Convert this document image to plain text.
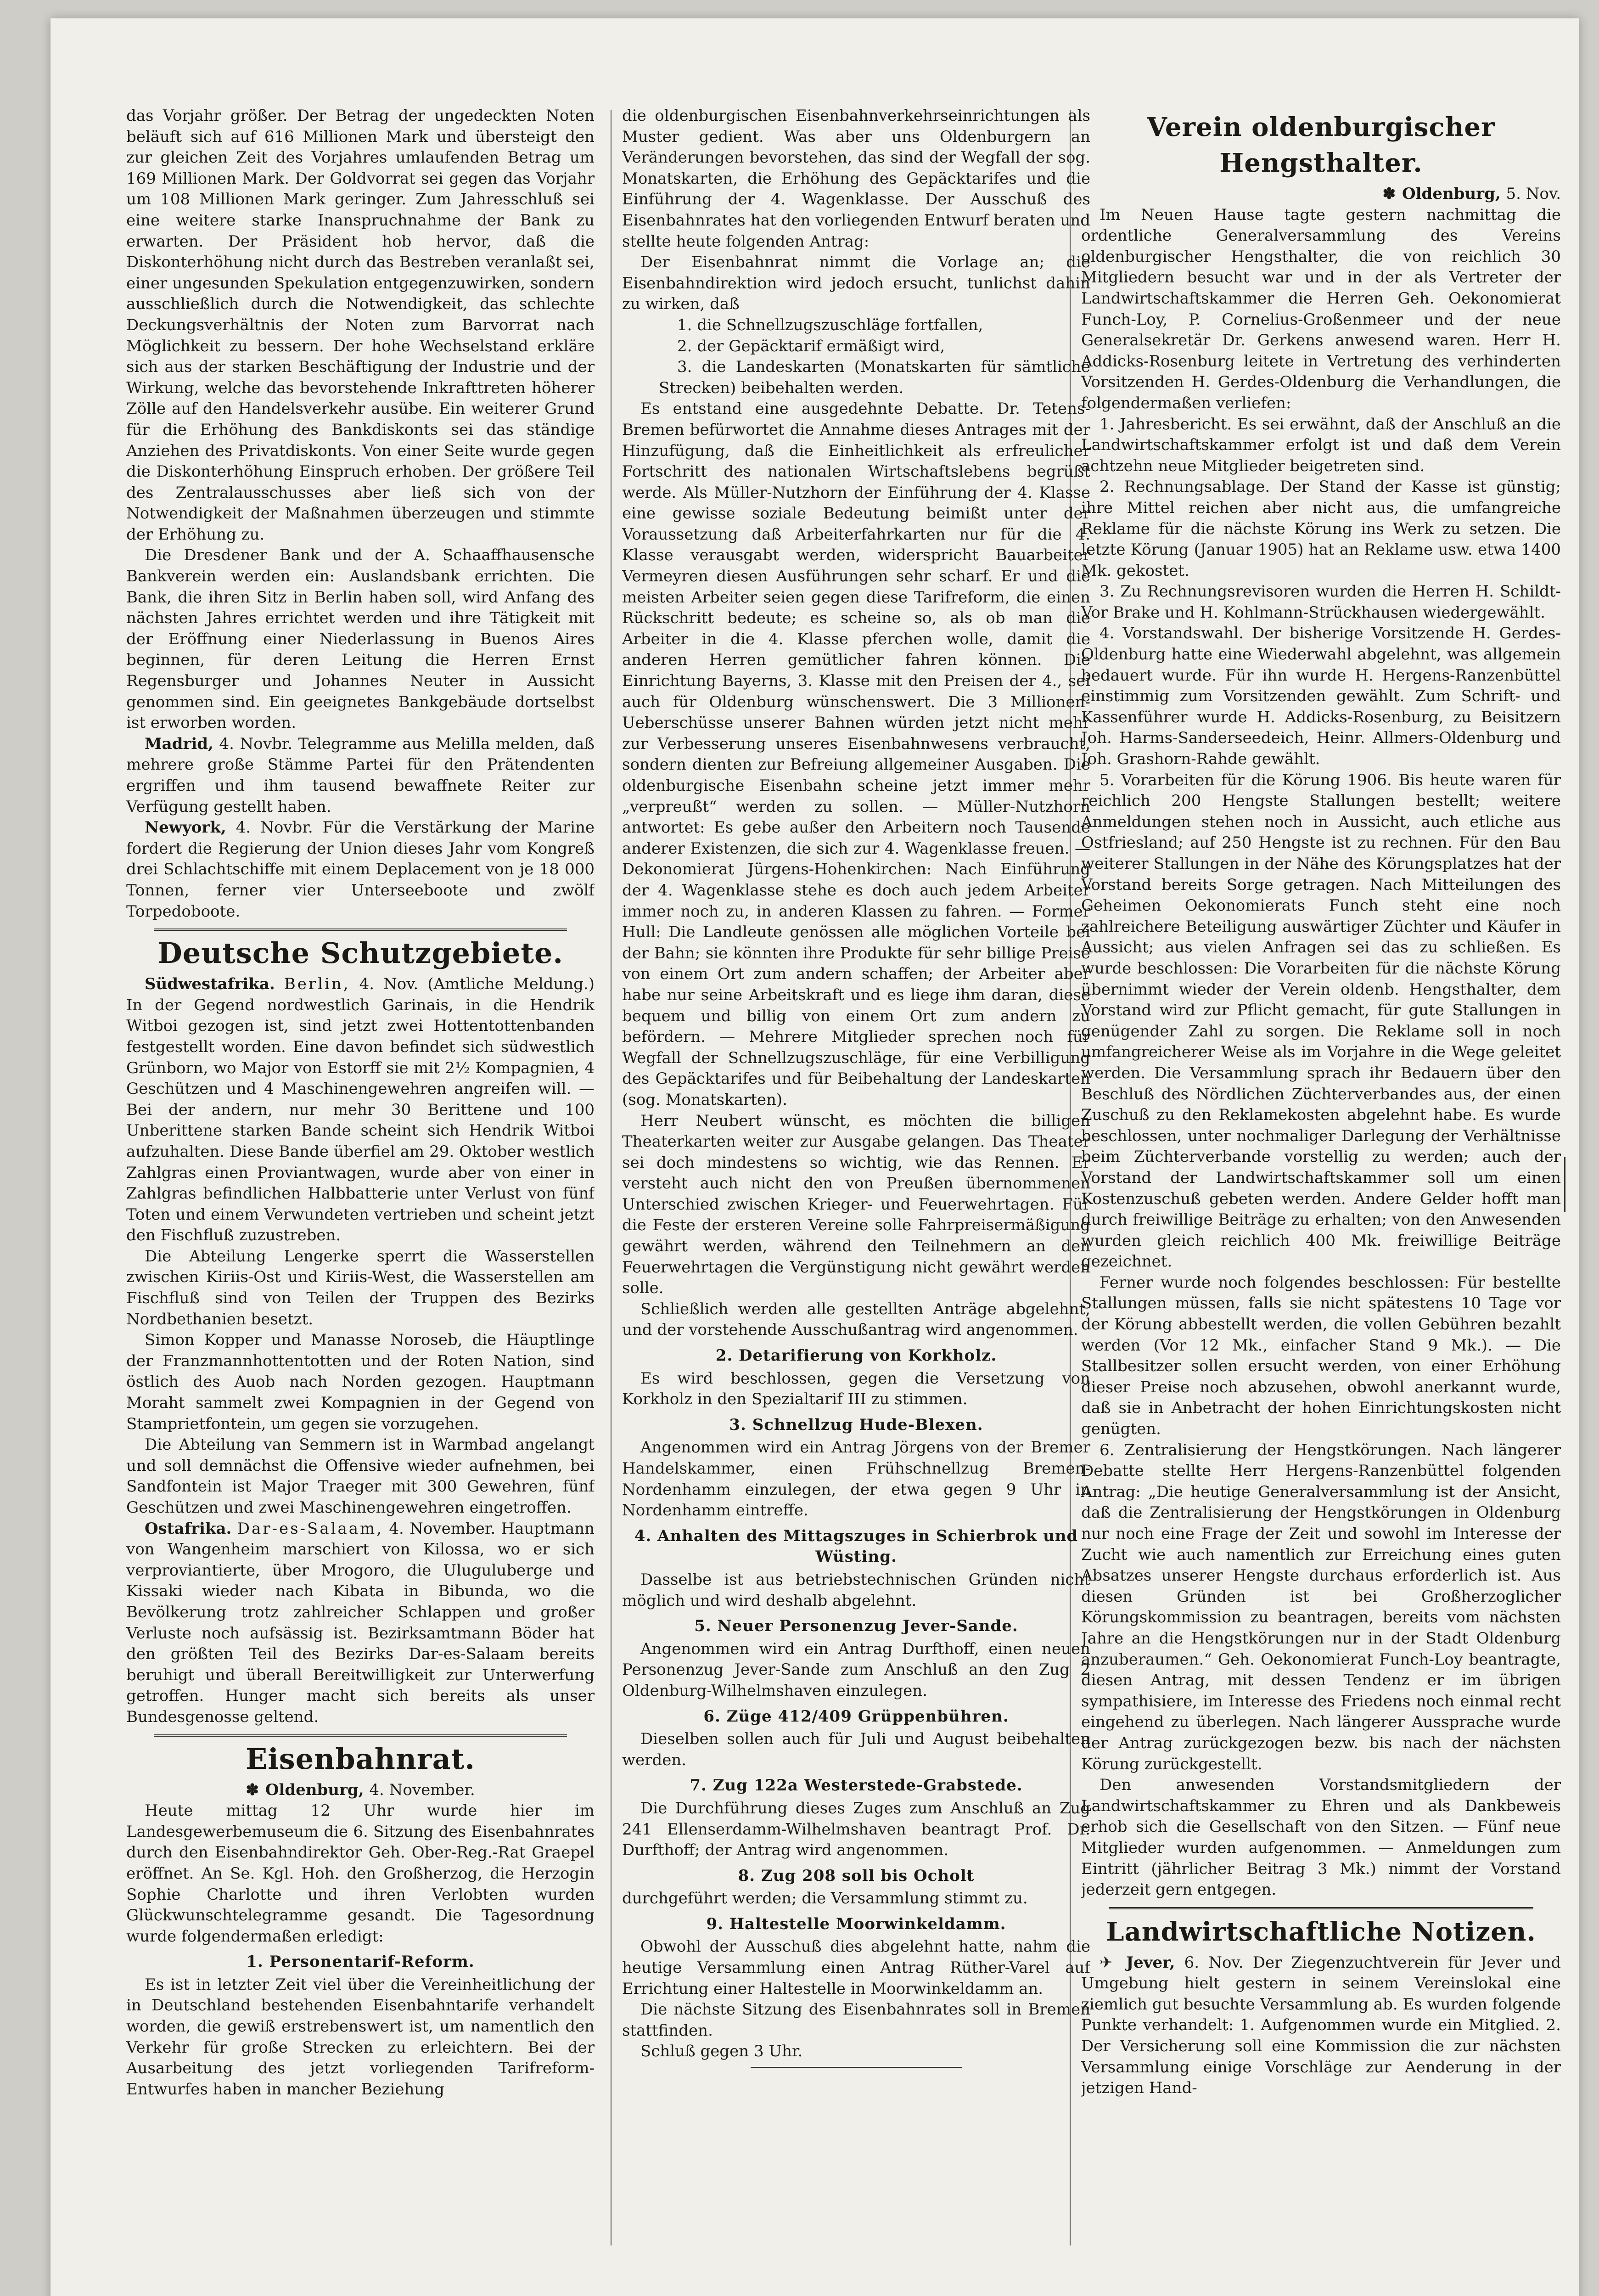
das Vorjahr größer. Der Betrag der ungedeckten Noten beläuft sich auf 616 Millionen Mark und übersteigt den zur gleichen Zeit des Vorjahres umlaufenden Betrag um 169 Millionen Mark. Der Goldvorrat sei gegen das Vorjahr um 108 Millionen Mark geringer. Zum Jahresschluß sei eine weitere starke Inanspruchnahme der Bank zu erwarten. Der Präsident hob hervor, daß die Diskonterhöhung nicht durch das Bestreben veranlaßt sei, einer ungesunden Spekulation entgegenzuwirken, sondern ausschließlich durch die Notwendigkeit, das schlechte Deckungsverhältnis der Noten zum Barvorrat nach Möglichkeit zu bessern. Der hohe Wechselstand erkläre sich aus der starken Beschäftigung der Industrie und der Wirkung, welche das bevorstehende Inkrafttreten höherer Zölle auf den Handelsverkehr ausübe. Ein weiterer Grund für die Erhöhung des Bankdiskonts sei das ständige Anziehen des Privatdiskonts. Von einer Seite wurde gegen die Diskonterhöhung Einspruch erhoben. Der größere Teil des Zentralausschusses aber ließ sich von der Notwendigkeit der Maßnahmen überzeugen und stimmte der Erhöhung zu.

Die Dresdener Bank und der A. Schaaffhausensche Bankverein werden ein: Auslandsbank errichten. Die Bank, die ihren Sitz in Berlin haben soll, wird Anfang des nächsten Jahres errichtet werden und ihre Tätigkeit mit der Eröffnung einer Niederlassung in Buenos Aires beginnen, für deren Leitung die Herren Ernst Regensburger und Johannes Neuter in Aussicht genommen sind. Ein geeignetes Bankgebäude dortselbst ist erworben worden.

Madrid, 4. Novbr. Telegramme aus Melilla melden, daß mehrere große Stämme Partei für den Prätendenten ergriffen und ihm tausend bewaffnete Reiter zur Verfügung gestellt haben.

Newyork, 4. Novbr. Für die Verstärkung der Marine fordert die Regierung der Union dieses Jahr vom Kongreß drei Schlachtschiffe mit einem Deplacement von je 18 000 Tonnen, ferner vier Unterseeboote und zwölf Torpedoboote.

Deutsche Schutzgebiete.

Südwestafrika. Berlin, 4. Nov. (Amtliche Meldung.) In der Gegend nordwestlich Garinais, in die Hendrik Witboi gezogen ist, sind jetzt zwei Hottentottenbanden festgestellt worden. Eine davon befindet sich südwestlich Grünborn, wo Major von Estorff sie mit 2½ Kompagnien, 4 Geschützen und 4 Maschinengewehren angreifen will. — Bei der andern, nur mehr 30 Berittene und 100 Unberittene starken Bande scheint sich Hendrik Witboi aufzuhalten. Diese Bande überfiel am 29. Oktober westlich Zahlgras einen Proviantwagen, wurde aber von einer in Zahlgras befindlichen Halbbatterie unter Verlust von fünf Toten und einem Verwundeten vertrieben und scheint jetzt den Fischfluß zuzustreben.

Die Abteilung Lengerke sperrt die Wasserstellen zwischen Kiriis-Ost und Kiriis-West, die Wasserstellen am Fischfluß sind von Teilen der Truppen des Bezirks Nordbethanien besetzt.

Simon Kopper und Manasse Noroseb, die Häuptlinge der Franzmannhottentotten und der Roten Nation, sind östlich des Auob nach Norden gezogen. Hauptmann Moraht sammelt zwei Kompagnien in der Gegend von Stamprietfontein, um gegen sie vorzugehen.

Die Abteilung van Semmern ist in Warmbad angelangt und soll demnächst die Offensive wieder aufnehmen, bei Sandfontein ist Major Traeger mit 300 Gewehren, fünf Geschützen und zwei Maschinengewehren eingetroffen.

Ostafrika. Dar-es-Salaam, 4. November. Hauptmann von Wangenheim marschiert von Kilossa, wo er sich verproviantierte, über Mrogoro, die Uluguluberge und Kissaki wieder nach Kibata in Bibunda, wo die Bevölkerung trotz zahlreicher Schlappen und großer Verluste noch aufsässig ist. Bezirksamtmann Böder hat den größten Teil des Bezirks Dar-es-Salaam bereits beruhigt und überall Bereitwilligkeit zur Unterwerfung getroffen. Hunger macht sich bereits als unser Bundesgenosse geltend.

Eisenbahnrat.
✽ Oldenburg, 4. November.

Heute mittag 12 Uhr wurde hier im Landesgewerbemuseum die 6. Sitzung des Eisenbahnrates durch den Eisenbahndirektor Geh. Ober-Reg.-Rat Graepel eröffnet. An Se. Kgl. Hoh. den Großherzog, die Herzogin Sophie Charlotte und ihren Verlobten wurden Glückwunschtelegramme gesandt. Die Tagesordnung wurde folgendermaßen erledigt:

1. Personentarif-Reform.

Es ist in letzter Zeit viel über die Vereinheitlichung der in Deutschland bestehenden Eisenbahntarife verhandelt worden, die gewiß erstrebenswert ist, um namentlich den Verkehr für große Strecken zu erleichtern. Bei der Ausarbeitung des jetzt vorliegenden Tarifreform-Entwurfes haben in mancher Beziehung

die oldenburgischen Eisenbahnverkehrseinrichtungen als Muster gedient. Was aber uns Oldenburgern an Veränderungen bevorstehen, das sind der Wegfall der sog. Monatskarten, die Erhöhung des Gepäcktarifes und die Einführung der 4. Wagenklasse. Der Ausschuß des Eisenbahnrates hat den vorliegenden Entwurf beraten und stellte heute folgenden Antrag:

Der Eisenbahnrat nimmt die Vorlage an; die Eisenbahndirektion wird jedoch ersucht, tunlichst dahin zu wirken, daß

1. die Schnellzugszuschläge fortfallen,

2. der Gepäcktarif ermäßigt wird,

3. die Landeskarten (Monatskarten für sämtliche Strecken) beibehalten werden.

Es entstand eine ausgedehnte Debatte. Dr. Tetens-Bremen befürwortet die Annahme dieses Antrages mit der Hinzufügung, daß die Einheitlichkeit als erfreulicher Fortschritt des nationalen Wirtschaftslebens begrüßt werde. Als Müller-Nutzhorn der Einführung der 4. Klasse eine gewisse soziale Bedeutung beimißt unter der Voraussetzung daß Arbeiterfahrkarten nur für die 4. Klasse verausgabt werden, widerspricht Bauarbeiter Vermeyren diesen Ausführungen sehr scharf. Er und die meisten Arbeiter seien gegen diese Tarifreform, die einen Rückschritt bedeute; es scheine so, als ob man die Arbeiter in die 4. Klasse pferchen wolle, damit die anderen Herren gemütlicher fahren können. Die Einrichtung Bayerns, 3. Klasse mit den Preisen der 4., sei auch für Oldenburg wünschenswert. Die 3 Millionen-Ueberschüsse unserer Bahnen würden jetzt nicht mehr zur Verbesserung unseres Eisenbahnwesens verbraucht, sondern dienten zur Befreiung allgemeiner Ausgaben. Die oldenburgische Eisenbahn scheine jetzt immer mehr „verpreußt“ werden zu sollen. — Müller-Nutzhorn antwortet: Es gebe außer den Arbeitern noch Tausende anderer Existenzen, die sich zur 4. Wagenklasse freuen. — Dekonomierat Jürgens-Hohenkirchen: Nach Einführung der 4. Wagenklasse stehe es doch auch jedem Arbeiter immer noch zu, in anderen Klassen zu fahren. — Former Hull: Die Landleute genössen alle möglichen Vorteile bei der Bahn; sie könnten ihre Produkte für sehr billige Preise von einem Ort zum andern schaffen; der Arbeiter aber habe nur seine Arbeitskraft und es liege ihm daran, diese bequem und billig von einem Ort zum andern zu befördern. — Mehrere Mitglieder sprechen noch für Wegfall der Schnellzugszuschläge, für eine Verbilligung des Gepäcktarifes und für Beibehaltung der Landeskarten (sog. Monatskarten).

Herr Neubert wünscht, es möchten die billigen Theaterkarten weiter zur Ausgabe gelangen. Das Theater sei doch mindestens so wichtig, wie das Rennen. Er versteht auch nicht den von Preußen übernommenen Unterschied zwischen Krieger- und Feuerwehrtagen. Für die Feste der ersteren Vereine solle Fahrpreisermäßigung gewährt werden, während den Teilnehmern an den Feuerwehrtagen die Vergünstigung nicht gewährt werden solle.

Schließlich werden alle gestellten Anträge abgelehnt, und der vorstehende Ausschußantrag wird angenommen.

2. Detarifierung von Korkholz.

Es wird beschlossen, gegen die Versetzung von Korkholz in den Spezialtarif III zu stimmen.

3. Schnellzug Hude-Blexen.

Angenommen wird ein Antrag Jörgens von der Bremer Handelskammer, einen Frühschnellzug Bremen-Nordenhamm einzulegen, der etwa gegen 9 Uhr in Nordenhamm eintreffe.

4. Anhalten des Mittagszuges in Schierbrok und Wüsting.

Dasselbe ist aus betriebstechnischen Gründen nicht möglich und wird deshalb abgelehnt.

5. Neuer Personenzug Jever-Sande.

Angenommen wird ein Antrag Durfthoff, einen neuen Personenzug Jever-Sande zum Anschluß an den Zug 2 Oldenburg-Wilhelmshaven einzulegen.

6. Züge 412/409 Grüppenbühren.

Dieselben sollen auch für Juli und August beibehalten werden.

7. Zug 122a Westerstede-Grabstede.

Die Durchführung dieses Zuges zum Anschluß an Zug 241 Ellenserdamm-Wilhelmshaven beantragt Prof. Dr. Durfthoff; der Antrag wird angenommen.

8. Zug 208 soll bis Ocholt

durchgeführt werden; die Versammlung stimmt zu.

9. Haltestelle Moorwinkeldamm.

Obwohl der Ausschuß dies abgelehnt hatte, nahm die heutige Versammlung einen Antrag Rüther-Varel auf Errichtung einer Haltestelle in Moorwinkeldamm an.

Die nächste Sitzung des Eisenbahnrates soll in Bremen stattfinden.

Schluß gegen 3 Uhr.

Verein oldenburgischer Hengsthalter.
✽ Oldenburg, 5. Nov.

Im Neuen Hause tagte gestern nachmittag die ordentliche Generalversammlung des Vereins oldenburgischer Hengsthalter, die von reichlich 30 Mitgliedern besucht war und in der als Vertreter der Landwirtschaftskammer die Herren Geh. Oekonomierat Funch-Loy, P. Cornelius-Großenmeer und der neue Generalsekretär Dr. Gerkens anwesend waren. Herr H. Addicks-Rosenburg leitete in Vertretung des verhinderten Vorsitzenden H. Gerdes-Oldenburg die Verhandlungen, die folgendermaßen verliefen:

1. Jahresbericht. Es sei erwähnt, daß der Anschluß an die Landwirtschaftskammer erfolgt ist und daß dem Verein achtzehn neue Mitglieder beigetreten sind.

2. Rechnungsablage. Der Stand der Kasse ist günstig; ihre Mittel reichen aber nicht aus, die umfangreiche Reklame für die nächste Körung ins Werk zu setzen. Die letzte Körung (Januar 1905) hat an Reklame usw. etwa 1400 Mk. gekostet.

3. Zu Rechnungsrevisoren wurden die Herren H. Schildt-Vor Brake und H. Kohlmann-Strückhausen wiedergewählt.

4. Vorstandswahl. Der bisherige Vorsitzende H. Gerdes-Oldenburg hatte eine Wiederwahl abgelehnt, was allgemein bedauert wurde. Für ihn wurde H. Hergens-Ranzenbüttel einstimmig zum Vorsitzenden gewählt. Zum Schrift- und Kassenführer wurde H. Addicks-Rosenburg, zu Beisitzern Joh. Harms-Sanderseedeich, Heinr. Allmers-Oldenburg und Joh. Grashorn-Rahde gewählt.

5. Vorarbeiten für die Körung 1906. Bis heute waren für reichlich 200 Hengste Stallungen bestellt; weitere Anmeldungen stehen noch in Aussicht, auch etliche aus Ostfriesland; auf 250 Hengste ist zu rechnen. Für den Bau weiterer Stallungen in der Nähe des Körungsplatzes hat der Vorstand bereits Sorge getragen. Nach Mitteilungen des Geheimen Oekonomierats Funch steht eine noch zahlreichere Beteiligung auswärtiger Züchter und Käufer in Aussicht; aus vielen Anfragen sei das zu schließen. Es wurde beschlossen: Die Vorarbeiten für die nächste Körung übernimmt wieder der Verein oldenb. Hengsthalter, dem Vorstand wird zur Pflicht gemacht, für gute Stallungen in genügender Zahl zu sorgen. Die Reklame soll in noch umfangreicherer Weise als im Vorjahre in die Wege geleitet werden. Die Versammlung sprach ihr Bedauern über den Beschluß des Nördlichen Züchterverbandes aus, der einen Zuschuß zu den Reklamekosten abgelehnt habe. Es wurde beschlossen, unter nochmaliger Darlegung der Verhältnisse beim Züchterverbande vorstellig zu werden; auch der Vorstand der Landwirtschaftskammer soll um einen Kostenzuschuß gebeten werden. Andere Gelder hofft man durch freiwillige Beiträge zu erhalten; von den Anwesenden wurden gleich reichlich 400 Mk. freiwillige Beiträge gezeichnet.

Ferner wurde noch folgendes beschlossen: Für bestellte Stallungen müssen, falls sie nicht spätestens 10 Tage vor der Körung abbestellt werden, die vollen Gebühren bezahlt werden (Vor 12 Mk., einfacher Stand 9 Mk.). — Die Stallbesitzer sollen ersucht werden, von einer Erhöhung dieser Preise noch abzusehen, obwohl anerkannt wurde, daß sie in Anbetracht der hohen Einrichtungskosten nicht genügten.

6. Zentralisierung der Hengstkörungen. Nach längerer Debatte stellte Herr Hergens-Ranzenbüttel folgenden Antrag: „Die heutige Generalversammlung ist der Ansicht, daß die Zentralisierung der Hengstkörungen in Oldenburg nur noch eine Frage der Zeit und sowohl im Interesse der Zucht wie auch namentlich zur Erreichung eines guten Absatzes unserer Hengste durchaus erforderlich ist. Aus diesen Gründen ist bei Großherzoglicher Körungskommission zu beantragen, bereits vom nächsten Jahre an die Hengstkörungen nur in der Stadt Oldenburg anzuberaumen.“ Geh. Oekonomierat Funch-Loy beantragte, diesen Antrag, mit dessen Tendenz er im übrigen sympathisiere, im Interesse des Friedens noch einmal recht eingehend zu überlegen. Nach längerer Aussprache wurde der Antrag zurückgezogen bezw. bis nach der nächsten Körung zurückgestellt.

Den anwesenden Vorstandsmitgliedern der Landwirtschaftskammer zu Ehren und als Dankbeweis erhob sich die Gesellschaft von den Sitzen. — Fünf neue Mitglieder wurden aufgenommen. — Anmeldungen zum Eintritt (jährlicher Beitrag 3 Mk.) nimmt der Vorstand jederzeit gern entgegen.

Landwirtschaftliche Notizen.

✈ Jever, 6. Nov. Der Ziegenzuchtverein für Jever und Umgebung hielt gestern in seinem Vereinslokal eine ziemlich gut besuchte Versammlung ab. Es wurden folgende Punkte verhandelt: 1. Aufgenommen wurde ein Mitglied. 2. Der Versicherung soll eine Kommission die zur nächsten Versammlung einige Vorschläge zur Aenderung in der jetzigen Hand-
